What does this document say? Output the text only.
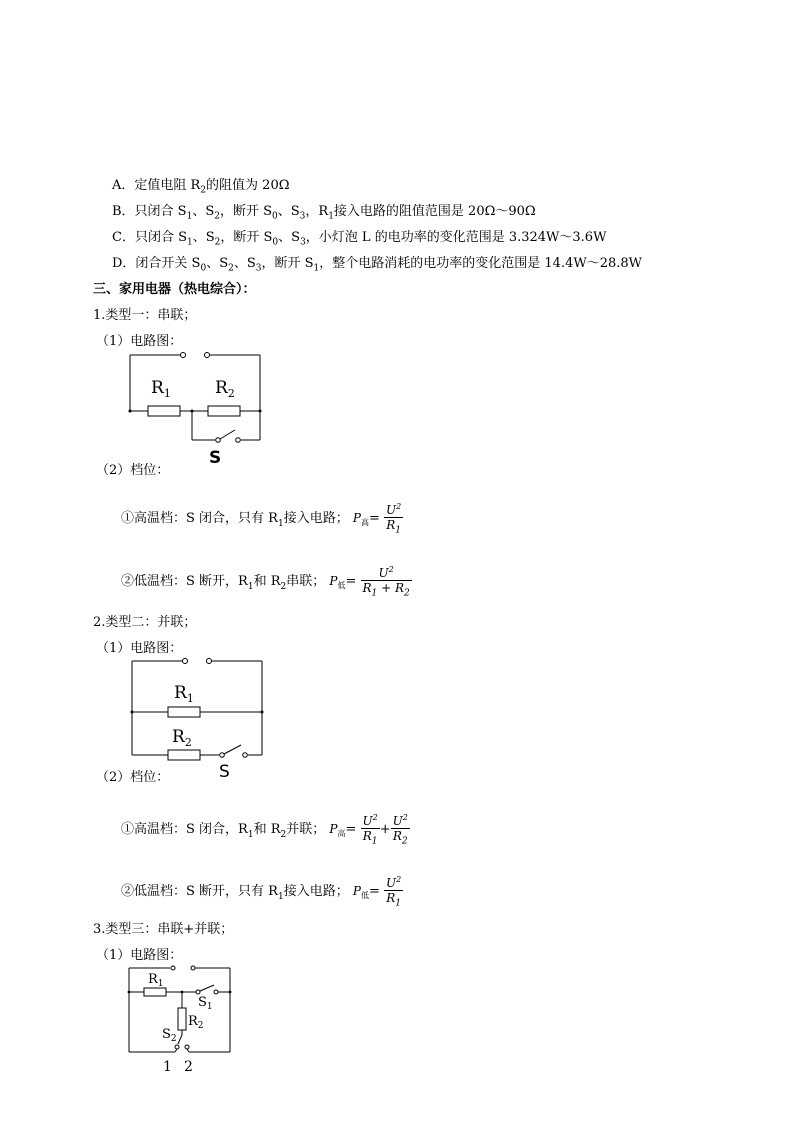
A．定值电阻 $R_2$的阻值为 20Ω
B．只闭合 $S_1$、$S_2$，断开 $S_0$、$S_3$，$R_1$接入电路的阻值范围是 20Ω～90Ω
C．只闭合 $S_1$、$S_2$，断开 $S_0$、$S_3$，小灯泡 L 的电功率的变化范围是 3.324W～3.6W
D．闭合开关 $S_0$、$S_2$、$S_3$，断开 $S_1$，整个电路消耗的电功率的变化范围是 14.4W～28.8W
三、家用电器（热电综合）：
1.类型一：串联；
（1）电路图：
$R_1$	$R_2$
S
（2）档位：
①高温档：S 闭合，只有 $R_1$接入电路； $P_高= \frac{U^2}{R_1}$
②低温档：S 断开，$R_1$和 $R_2$串联； $P_低= \frac{U^2}{R_1 + R_2}$
2.类型二：并联；
（1）电路图：
$R_1$
$R_2$
S
（2）档位：
①高温档：S 闭合，$R_1$和 $R_2$并联； $P_高= \frac{U^2}{R_1} + \frac{U^2}{R_2}$
②低温档：S 断开，只有 $R_1$接入电路； $P_低= \frac{U^2}{R_1}$
3.类型三：串联+并联；
（1）电路图：
$R_1$
$R_2$
$S_1$
$S_2$
1 2
